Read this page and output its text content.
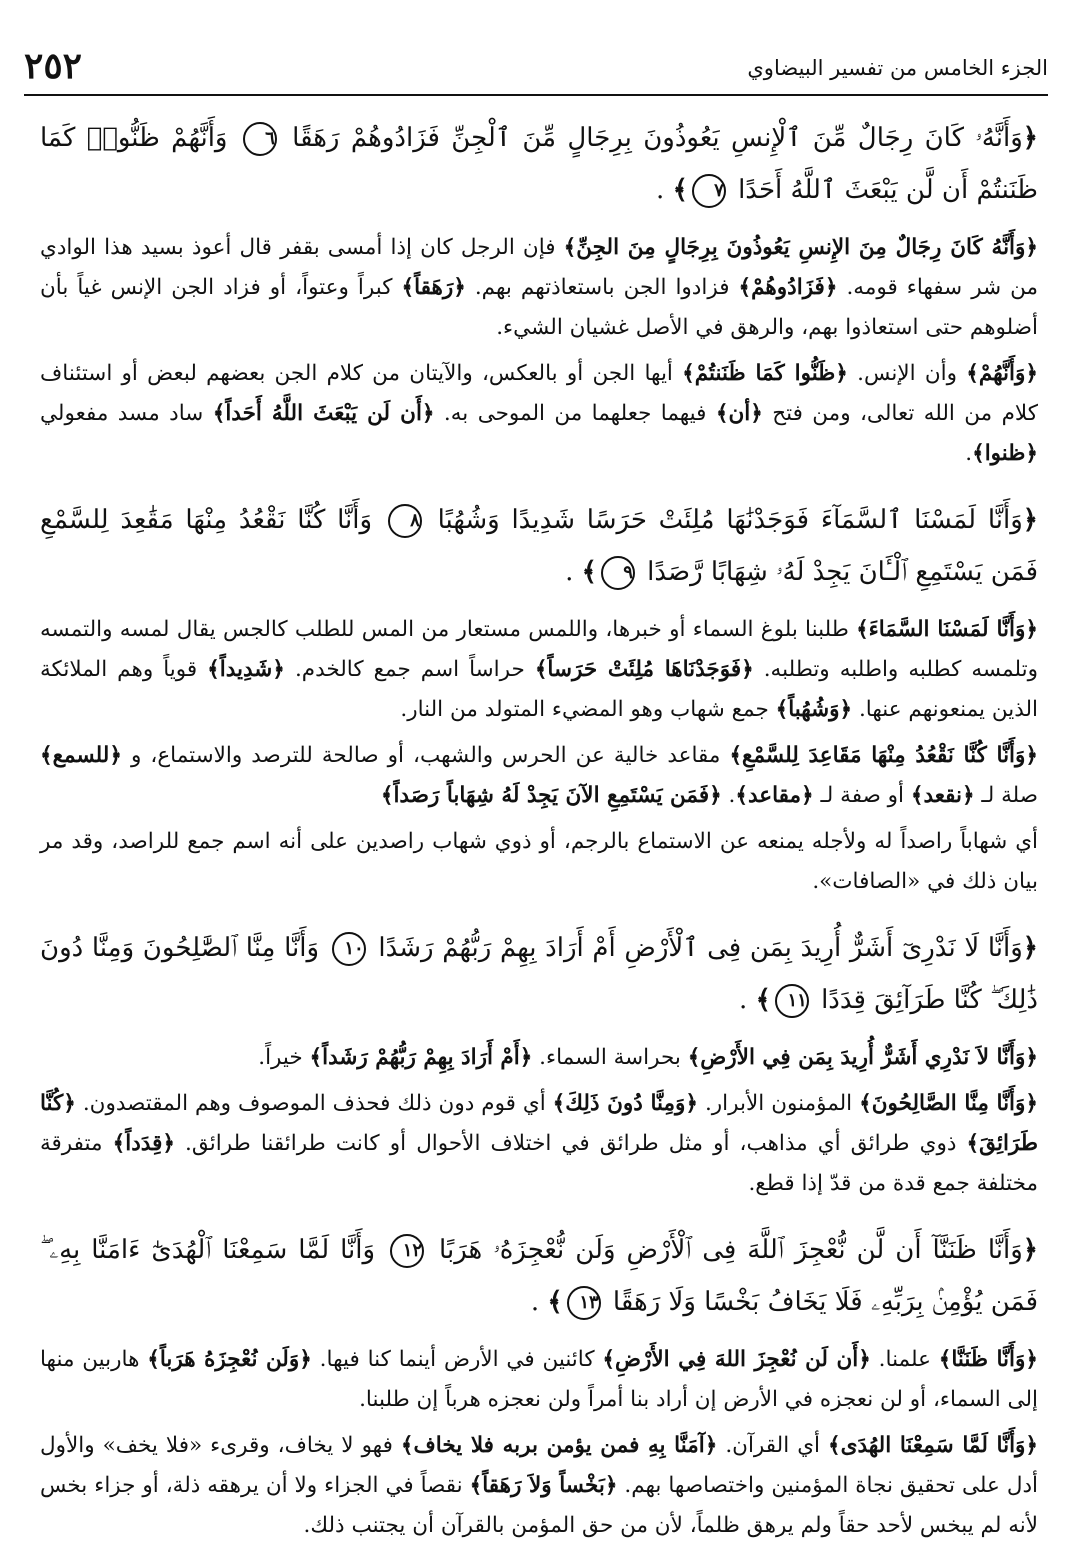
٢٥٢	الجزء الخامس من تفسير البيضاوي
﴿وَأَنَّهُۥ كَانَ رِجَالٌ مِّنَ ٱلْإِنسِ يَعُوذُونَ بِرِجَالٍ مِّنَ ٱلْجِنِّ فَزَادُوهُمْ رَهَقًا ٦ وَأَنَّهُمْ ظَنُّوا۟ كَمَا ظَنَنتُمْ أَن لَّن يَبْعَثَ ٱللَّهُ أَحَدًا ٧﴾ .
﴿وَأَنَّهُ كَانَ رِجَالٌ مِنَ الإِنسِ يَعُوذُونَ بِرِجَالٍ مِنَ الجِنِّ﴾ فإن الرجل كان إذا أمسى بقفر قال أعوذ بسيد هذا الوادي من شر سفهاء قومه. ﴿فَزَادُوهُمْ﴾ فزادوا الجن باستعاذتهم بهم. ﴿رَهَقاً﴾ كبراً وعتواً، أو فزاد الجن الإنس غياً بأن أضلوهم حتى استعاذوا بهم، والرهق في الأصل غشيان الشيء.
﴿وَأَنَّهُمْ﴾ وأن الإنس. ﴿ظَنُّوا كَمَا ظَنَنتُمْ﴾ أيها الجن أو بالعكس، والآيتان من كلام الجن بعضهم لبعض أو استئناف كلام من الله تعالى، ومن فتح ﴿أن﴾ فيهما جعلهما من الموحى به. ﴿أَن لَن يَبْعَثَ اللَّهُ أَحَداً﴾ ساد مسد مفعولي ﴿ظنوا﴾.
﴿وَأَنَّا لَمَسْنَا ٱلسَّمَآءَ فَوَجَدْنَٰهَا مُلِئَتْ حَرَسًا شَدِيدًا وَشُهُبًا ٨ وَأَنَّا كُنَّا نَقْعُدُ مِنْهَا مَقَٰعِدَ لِلسَّمْعِ فَمَن يَسْتَمِعِ ٱلْـَٔانَ يَجِدْ لَهُۥ شِهَابًا رَّصَدًا ٩﴾ .
﴿وَأَنَّا لَمَسْنَا السَّمَاءَ﴾ طلبنا بلوغ السماء أو خبرها، واللمس مستعار من المس للطلب كالجس يقال لمسه والتمسه وتلمسه كطلبه واطلبه وتطلبه. ﴿فَوَجَدْنَاهَا مُلِئَتْ حَرَساً﴾ حراساً اسم جمع كالخدم. ﴿شَدِيداً﴾ قوياً وهم الملائكة الذين يمنعونهم عنها. ﴿وَشُهُباً﴾ جمع شهاب وهو المضيء المتولد من النار.
﴿وَأَنَّا كُنَّا نَقْعُدُ مِنْهَا مَقَاعِدَ لِلسَّمْعِ﴾ مقاعد خالية عن الحرس والشهب، أو صالحة للترصد والاستماع، و ﴿للسمع﴾ صلة لـ ﴿نقعد﴾ أو صفة لـ ﴿مقاعد﴾. ﴿فَمَن يَسْتَمِعِ الآنَ يَجِدْ لَهُ شِهَاباً رَصَداً﴾
أي شهاباً راصداً له ولأجله يمنعه عن الاستماع بالرجم، أو ذوي شهاب راصدين على أنه اسم جمع للراصد، وقد مر بيان ذلك في «الصافات».
﴿وَأَنَّا لَا نَدْرِىٓ أَشَرٌّ أُرِيدَ بِمَن فِى ٱلْأَرْضِ أَمْ أَرَادَ بِهِمْ رَبُّهُمْ رَشَدًا ١٠ وَأَنَّا مِنَّا ٱلصَّٰلِحُونَ وَمِنَّا دُونَ ذَٰلِكَ ۖ كُنَّا طَرَآئِقَ قِدَدًا ١١﴾ .
﴿وَأَنَّا لاَ نَدْرِي أَشَرٌّ أُرِيدَ بِمَن فِي الأَرْضِ﴾ بحراسة السماء. ﴿أَمْ أَرَادَ بِهِمْ رَبُّهُمْ رَشَداً﴾ خيراً.
﴿وَأَنَّا مِنَّا الصَّالِحُونَ﴾ المؤمنون الأبرار. ﴿وَمِنَّا دُونَ ذَلِكَ﴾ أي قوم دون ذلك فحذف الموصوف وهم المقتصدون. ﴿كُنَّا طَرَائِقَ﴾ ذوي طرائق أي مذاهب، أو مثل طرائق في اختلاف الأحوال أو كانت طرائقنا طرائق. ﴿قِدَداً﴾ متفرقة مختلفة جمع قدة من قدّ إذا قطع.
﴿وَأَنَّا ظَنَنَّآ أَن لَّن نُّعْجِزَ ٱللَّهَ فِى ٱلْأَرْضِ وَلَن نُّعْجِزَهُۥ هَرَبًا ١٢ وَأَنَّا لَمَّا سَمِعْنَا ٱلْهُدَىٰٓ ءَامَنَّا بِهِۦ ۖ فَمَن يُؤْمِنۢ بِرَبِّهِۦ فَلَا يَخَافُ بَخْسًا وَلَا رَهَقًا ١٣﴾ .
﴿وَأَنَّا ظَنَنَّا﴾ علمنا. ﴿أَن لَن نُعْجِزَ اللهَ فِي الأَرْضِ﴾ كائنين في الأرض أينما كنا فيها. ﴿وَلَن نُعْجِزَهُ هَرَباً﴾ هاربين منها إلى السماء، أو لن نعجزه في الأرض إن أراد بنا أمراً ولن نعجزه هرباً إن طلبنا.
﴿وَأَنَّا لَمَّا سَمِعْنَا الهُدَى﴾ أي القرآن. ﴿آمَنَّا بِهِ فمن يؤمن بربه فلا يخاف﴾ فهو لا يخاف، وقرىء «فلا يخف» والأول أدل على تحقيق نجاة المؤمنين واختصاصها بهم. ﴿بَخْساً وَلاَ رَهَقاً﴾ نقصاً في الجزاء ولا أن يرهقه ذلة، أو جزاء بخس لأنه لم يبخس لأحد حقاً ولم يرهق ظلماً، لأن من حق المؤمن بالقرآن أن يجتنب ذلك.
